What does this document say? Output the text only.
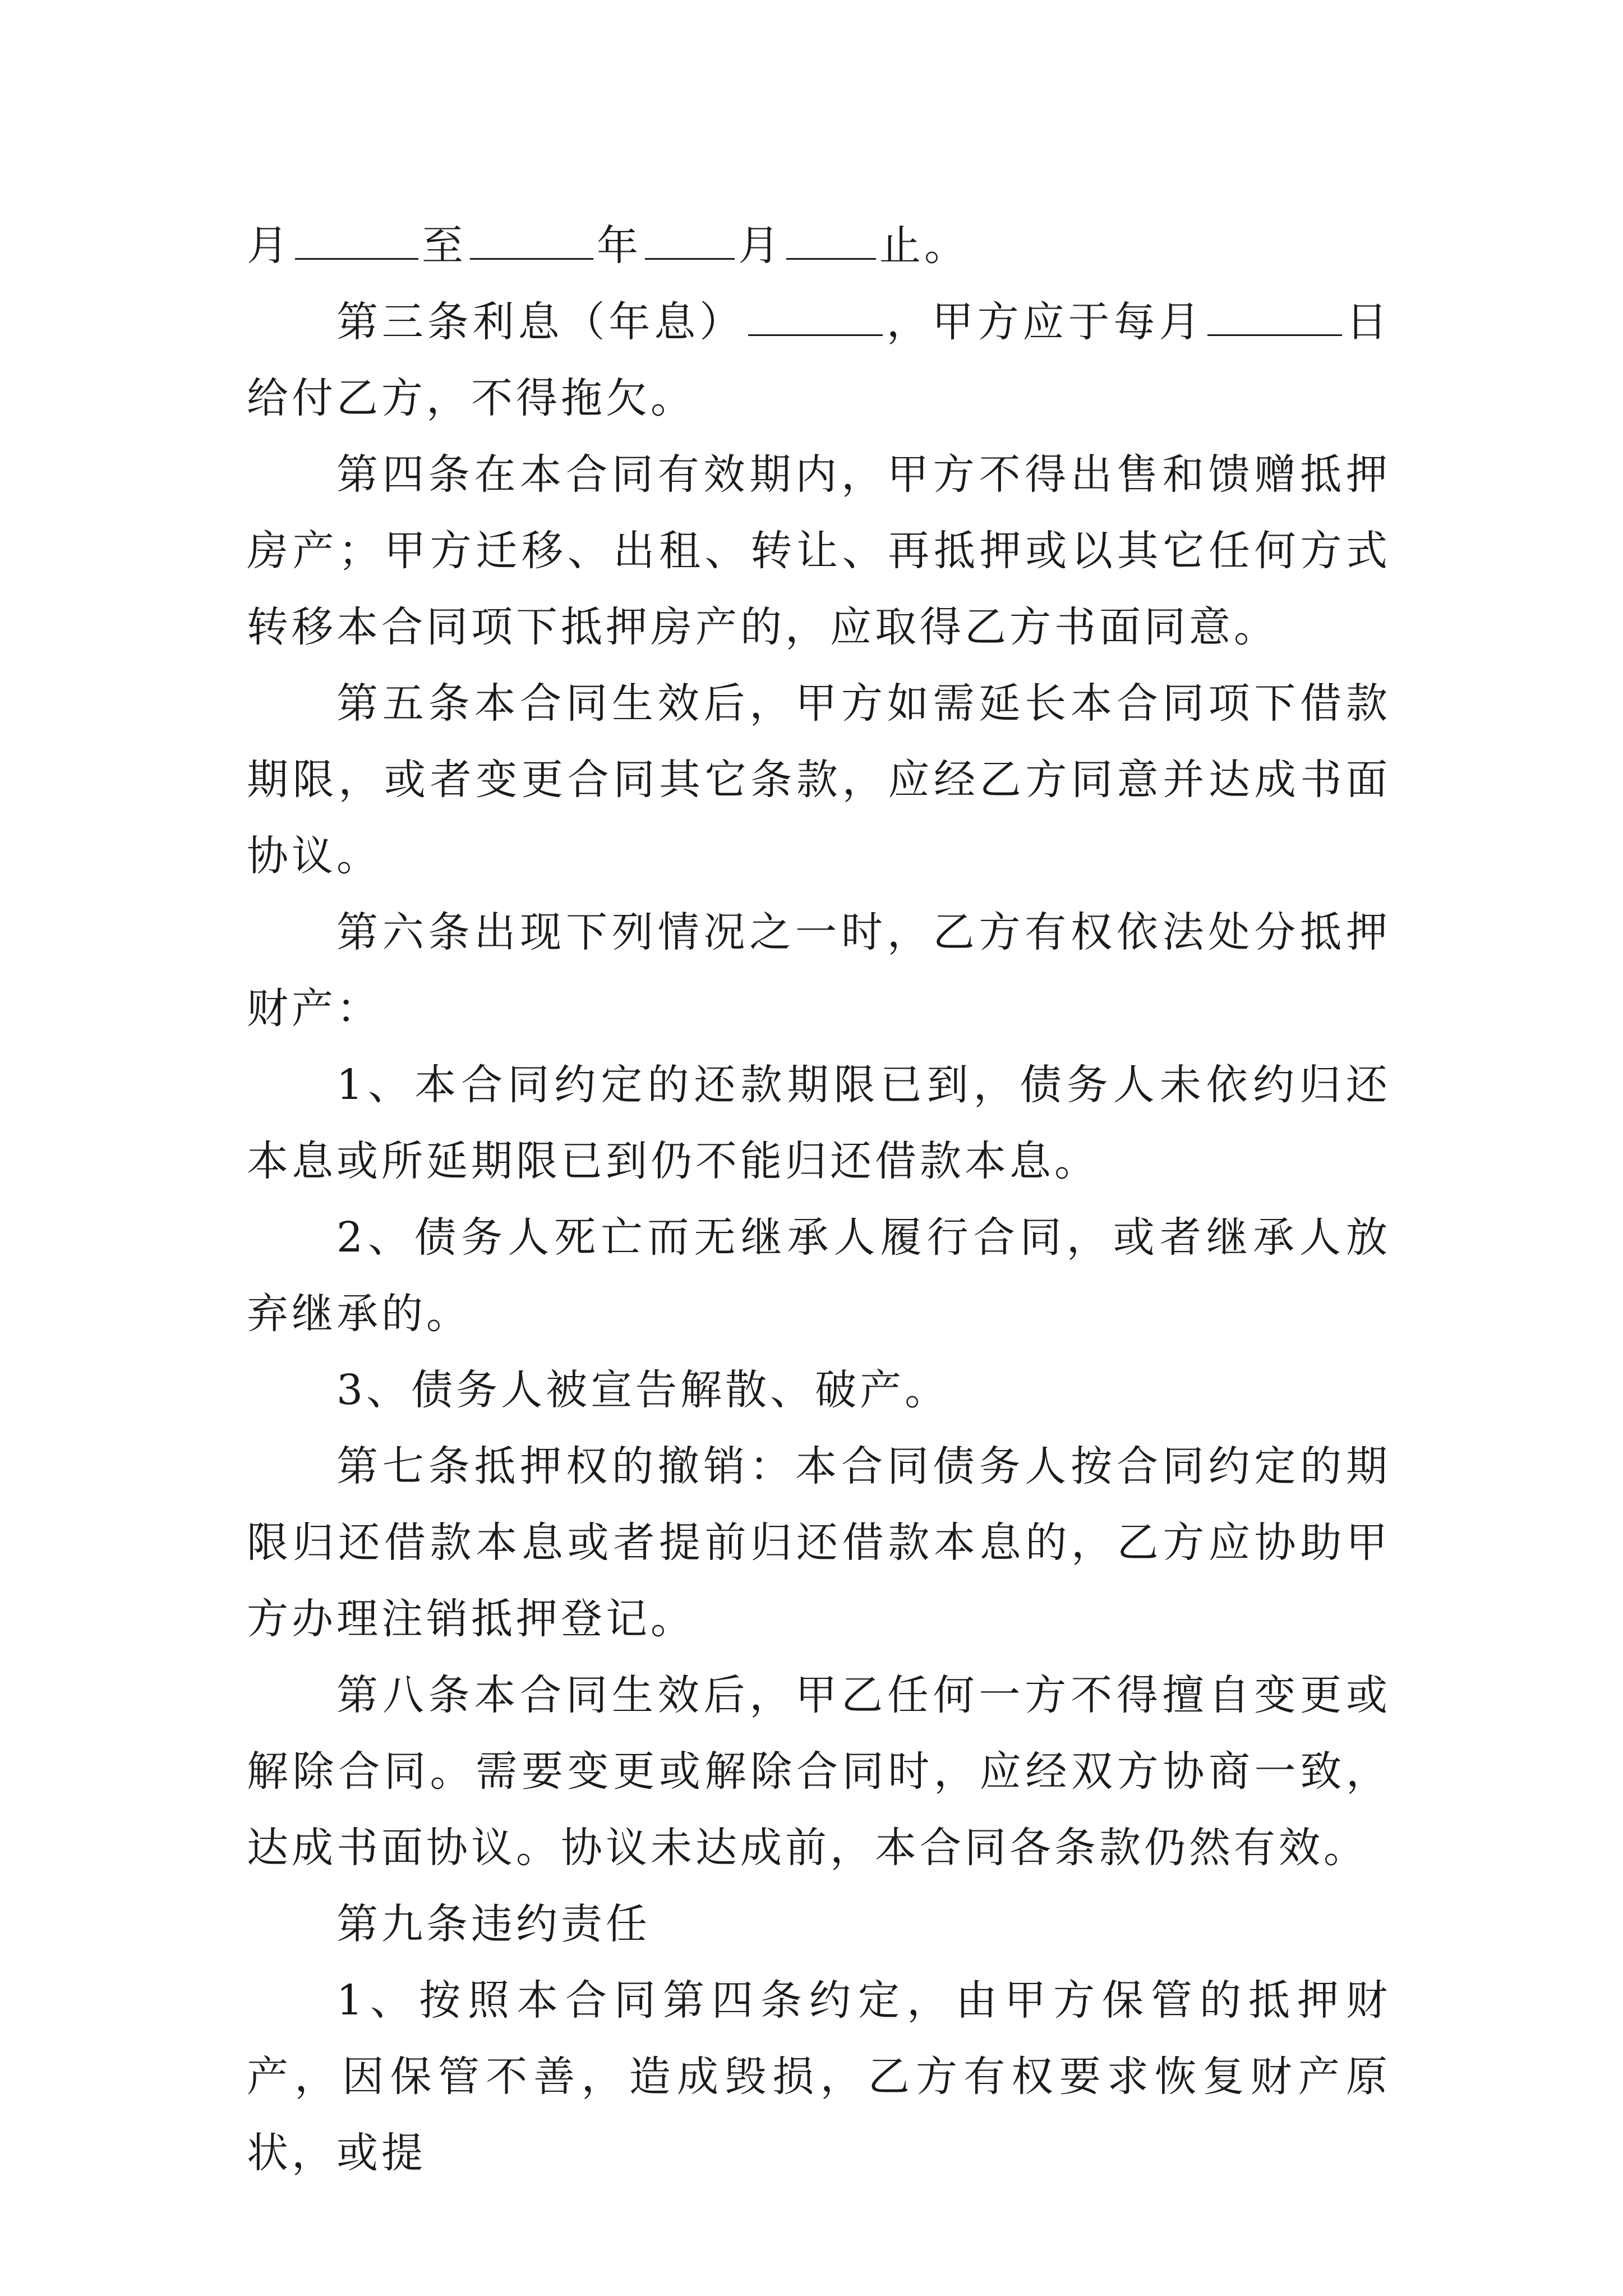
月	至	年 月 止。

第三条利息（年息）	，甲方应于每月	日给付乙方，不得拖欠。

第四条在本合同有效期内，甲方不得出售和馈赠抵押房产；甲方迁移、出租、转让、再抵押或以其它任何方式转移本合同项下抵押房产的，应取得乙方书面同意。

第五条本合同生效后，甲方如需延长本合同项下借款期限，或者变更合同其它条款，应经乙方同意并达成书面协议。

第六条出现下列情况之一时，乙方有权依法处分抵押财产：

1、本合同约定的还款期限已到，债务人未依约归还本息或所延期限已到仍不能归还借款本息。

2、债务人死亡而无继承人履行合同，或者继承人放弃继承的。

3、债务人被宣告解散、破产。

第七条抵押权的撤销：本合同债务人按合同约定的期限归还借款本息或者提前归还借款本息的，乙方应协助甲方办理注销抵押登记。

第八条本合同生效后，甲乙任何一方不得擅自变更或解除合同。需要变更或解除合同时，应经双方协商一致，达成书面协议。协议未达成前，本合同各条款仍然有效。

第九条违约责任

1、按照本合同第四条约定，由甲方保管的抵押财产，因保管不善，造成毁损，乙方有权要求恢复财产原状，或提
